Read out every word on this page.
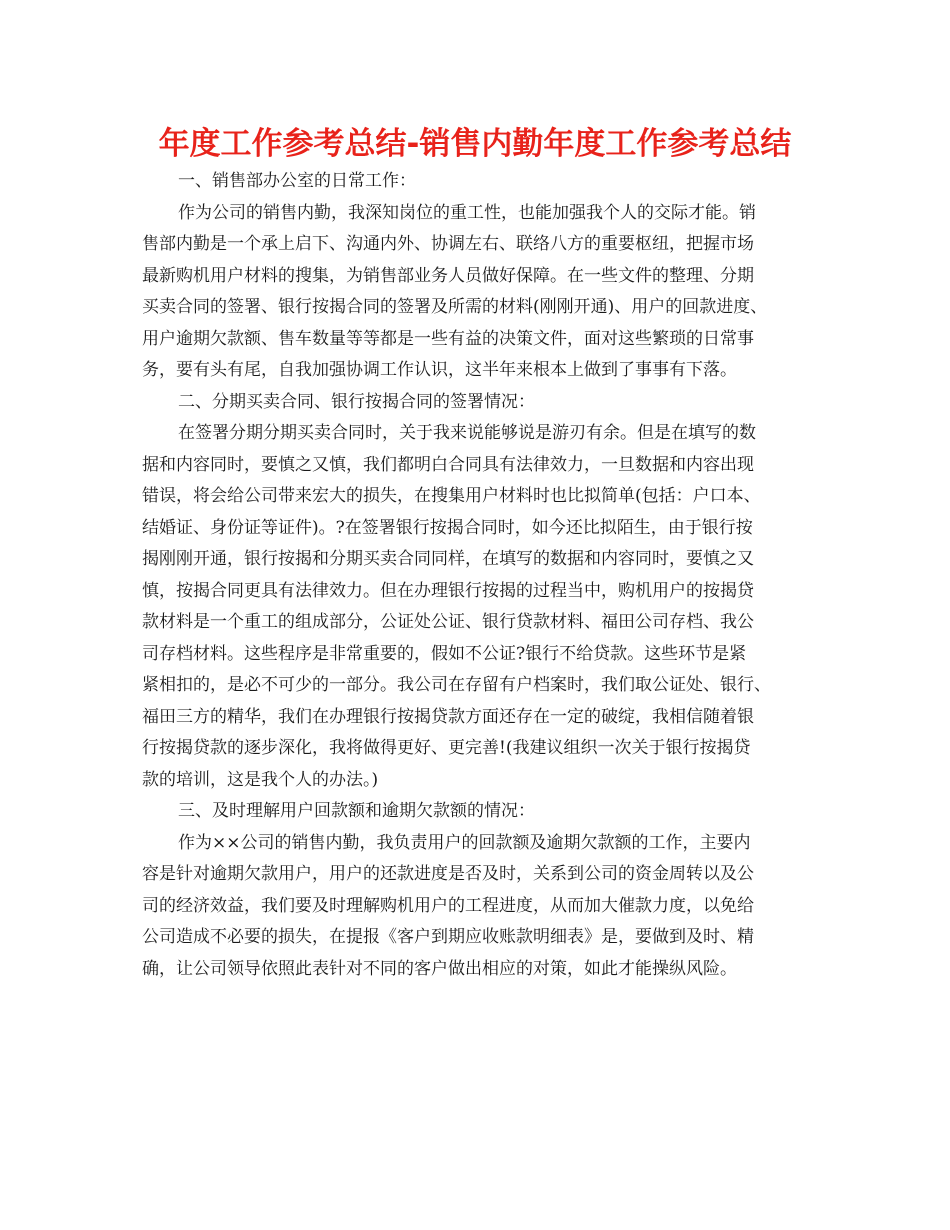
年度工作参考总结-销售内勤年度工作参考总结
一、销售部办公室的日常工作：
作为公司的销售内勤，我深知岗位的重工性，也能加强我个人的交际才能。销
售部内勤是一个承上启下、沟通内外、协调左右、联络八方的重要枢纽，把握市场
最新购机用户材料的搜集，为销售部业务人员做好保障。在一些文件的整理、分期
买卖合同的签署、银行按揭合同的签署及所需的材料(刚刚开通)、用户的回款进度、
用户逾期欠款额、售车数量等等都是一些有益的决策文件，面对这些繁琐的日常事
务，要有头有尾，自我加强协调工作认识，这半年来根本上做到了事事有下落。
二、分期买卖合同、银行按揭合同的签署情况：
在签署分期分期买卖合同时，关于我来说能够说是游刃有余。但是在填写的数
据和内容同时，要慎之又慎，我们都明白合同具有法律效力，一旦数据和内容出现
错误，将会给公司带来宏大的损失，在搜集用户材料时也比拟简单(包括：户口本、
结婚证、身份证等证件)。?在签署银行按揭合同时，如今还比拟陌生，由于银行按
揭刚刚开通，银行按揭和分期买卖合同同样，在填写的数据和内容同时，要慎之又
慎，按揭合同更具有法律效力。但在办理银行按揭的过程当中，购机用户的按揭贷
款材料是一个重工的组成部分，公证处公证、银行贷款材料、福田公司存档、我公
司存档材料。这些程序是非常重要的，假如不公证?银行不给贷款。这些环节是紧
紧相扣的，是必不可少的一部分。我公司在存留有户档案时，我们取公证处、银行、
福田三方的精华，我们在办理银行按揭贷款方面还存在一定的破绽，我相信随着银
行按揭贷款的逐步深化，我将做得更好、更完善!(我建议组织一次关于银行按揭贷
款的培训，这是我个人的办法。)
三、及时理解用户回款额和逾期欠款额的情况：
作为××公司的销售内勤，我负责用户的回款额及逾期欠款额的工作，主要内
容是针对逾期欠款用户，用户的还款进度是否及时，关系到公司的资金周转以及公
司的经济效益，我们要及时理解购机用户的工程进度，从而加大催款力度，以免给
公司造成不必要的损失，在提报《客户到期应收账款明细表》是，要做到及时、精
确，让公司领导依照此表针对不同的客户做出相应的对策，如此才能操纵风险。
